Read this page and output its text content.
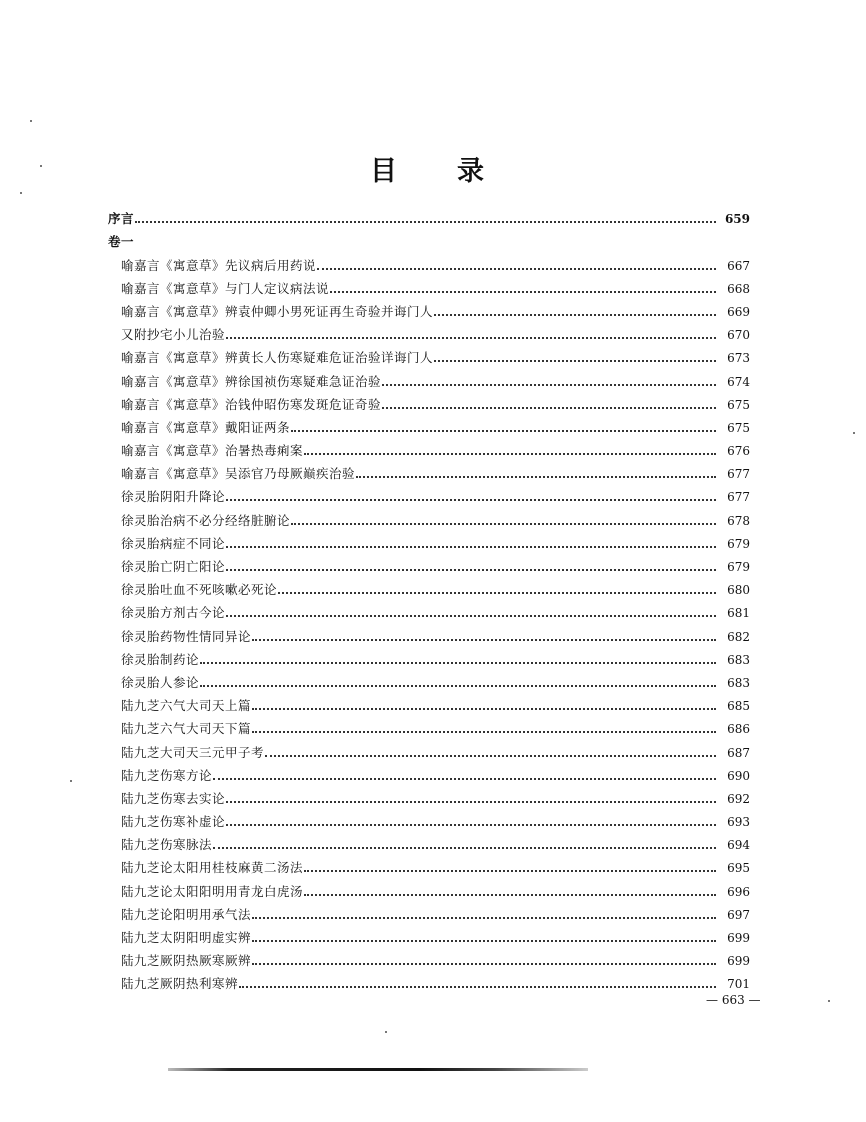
目 录
序言	659
卷一
喻嘉言《寓意草》先议病后用药说	667
喻嘉言《寓意草》与门人定议病法说	668
喻嘉言《寓意草》辨袁仲卿小男死证再生奇验并诲门人	669
又附抄宅小儿治验	670
喻嘉言《寓意草》辨黄长人伤寒疑难危证治验详诲门人	673
喻嘉言《寓意草》辨徐国祯伤寒疑难急证治验	674
喻嘉言《寓意草》治钱仲昭伤寒发斑危证奇验	675
喻嘉言《寓意草》戴阳证两条	675
喻嘉言《寓意草》治暑热毒痢案	676
喻嘉言《寓意草》吴添官乃母厥巅疾治验	677
徐灵胎阴阳升降论	677
徐灵胎治病不必分经络脏腑论	678
徐灵胎病症不同论	679
徐灵胎亡阴亡阳论	679
徐灵胎吐血不死咳嗽必死论	680
徐灵胎方剂古今论	681
徐灵胎药物性情同异论	682
徐灵胎制药论	683
徐灵胎人参论	683
陆九芝六气大司天上篇	685
陆九芝六气大司天下篇	686
陆九芝大司天三元甲子考	687
陆九芝伤寒方论	690
陆九芝伤寒去实论	692
陆九芝伤寒补虚论	693
陆九芝伤寒脉法	694
陆九芝论太阳用桂枝麻黄二汤法	695
陆九芝论太阳阳明用青龙白虎汤	696
陆九芝论阳明用承气法	697
陆九芝太阴阳明虚实辨	699
陆九芝厥阴热厥寒厥辨	699
陆九芝厥阴热利寒辨	701
— 663 —
